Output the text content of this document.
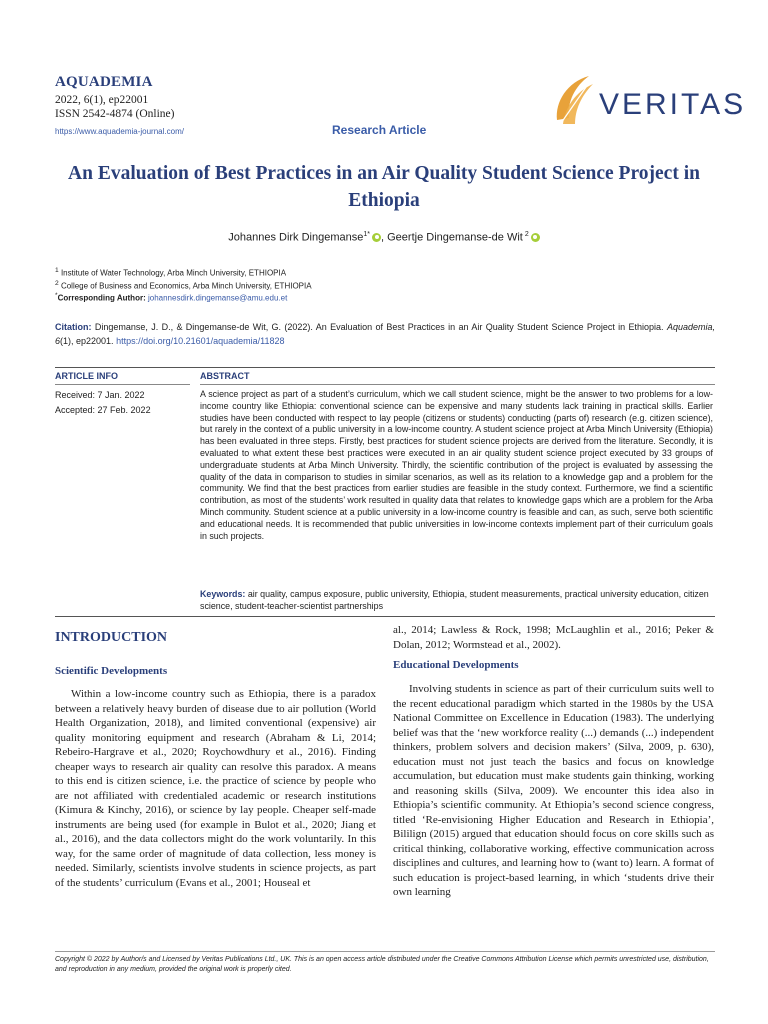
AQUADEMIA
2022, 6(1), ep22001
ISSN 2542-4874 (Online)
https://www.aquademia-journal.com/	Research Article
VERITAS
An Evaluation of Best Practices in an Air Quality Student Science Project in Ethiopia
Johannes Dirk Dingemanse$^{1*}$ , Geertje Dingemanse-de Wit $^2$
$^1$ Institute of Water Technology, Arba Minch University, ETHIOPIA
$^2$ College of Business and Economics, Arba Minch University, ETHIOPIA
*Corresponding Author: johannesdirk.dingemanse@amu.edu.et
Citation: Dingemanse, J. D., & Dingemanse-de Wit, G. (2022). An Evaluation of Best Practices in an Air Quality Student Science Project in Ethiopia. Aquademia, 6(1), ep22001. https://doi.org/10.21601/aquademia/11828
ARTICLE INFO	ABSTRACT
Received: 7 Jan. 2022
Accepted: 27 Feb. 2022
A science project as part of a student’s curriculum, which we call student science, might be the answer to two problems for a low-income country like Ethiopia: conventional science can be expensive and many students lack training in practical skills. Earlier studies have been conducted with respect to lay people (citizens or students) conducting (parts of) research (e.g. citizen science), but rarely in the context of a public university in a low-income country. A student science project at Arba Minch University (Ethiopia) has been evaluated in three steps. Firstly, best practices for student science projects are derived from the literature. Secondly, it is evaluated to what extent these best practices were executed in an air quality student science project executed by 33 groups of undergraduate students at Arba Minch University. Thirdly, the scientific contribution of the project is evaluated by assessing the quality of the data in comparison to studies in similar scenarios, as well as its relation to a knowledge gap and a problem for the community. We find that the best practices from earlier studies are feasible in the study context. Furthermore, we find a scientific contribution, as most of the students’ work resulted in quality data that relates to knowledge gaps which are a problem for the Arba Minch community. Student science at a public university in a low-income country is feasible and can, as such, serve both scientific and educational needs. It is recommended that public universities in low-income contexts implement part of their curriculum goals in such projects.
Keywords: air quality, campus exposure, public university, Ethiopia, student measurements, practical university education, citizen science, student-teacher-scientist partnerships
INTRODUCTION
Scientific Developments

Within a low-income country such as Ethiopia, there is a paradox between a relatively heavy burden of disease due to air pollution (World Health Organization, 2018), and limited conventional (expensive) air quality monitoring equipment and research (Abraham & Li, 2014; Rebeiro-Hargrave et al., 2020; Roychowdhury et al., 2016). Finding cheaper ways to research air quality can resolve this paradox. A means to this end is citizen science, i.e. the practice of science by people who are not affiliated with credentialed academic or research institutions (Kimura & Kinchy, 2016), or science by lay people. Cheaper self-made instruments are being used (for example in Bulot et al., 2020; Jiang et al., 2016), and the data collectors might do the work voluntarily. In this way, for the same order of magnitude of data collection, less money is needed. Similarly, scientists involve students in science projects, as part of the students’ curriculum (Evans et al., 2001; Houseal et

al., 2014; Lawless & Rock, 1998; McLaughlin et al., 2016; Peker & Dolan, 2012; Wormstead et al., 2002).

Educational Developments

Involving students in science as part of their curriculum suits well to the recent educational paradigm which started in the 1980s by the USA National Committee on Excellence in Education (1983). The underlying belief was that the ‘new workforce reality (...) demands (...) independent thinkers, problem solvers and decision makers’ (Silva, 2009, p. 630), education must not just teach the basics and focus on knowledge accumulation, but education must make students gain thinking, working and reasoning skills (Silva, 2009). We encounter this idea also in Ethiopia’s scientific community. At Ethiopia’s second science congress, titled ‘Re-envisioning Higher Education and Research in Ethiopia’, Bililign (2015) argued that education should focus on core skills such as critical thinking, collaborative working, effective communication across disciplines and cultures, and learning how to (want to) learn. A format of such education is project-based learning, in which ‘students drive their own learning

Copyright © 2022 by Author/s and Licensed by Veritas Publications Ltd., UK. This is an open access article distributed under the Creative Commons Attribution License which permits unrestricted use, distribution, and reproduction in any medium, provided the original work is properly cited.
